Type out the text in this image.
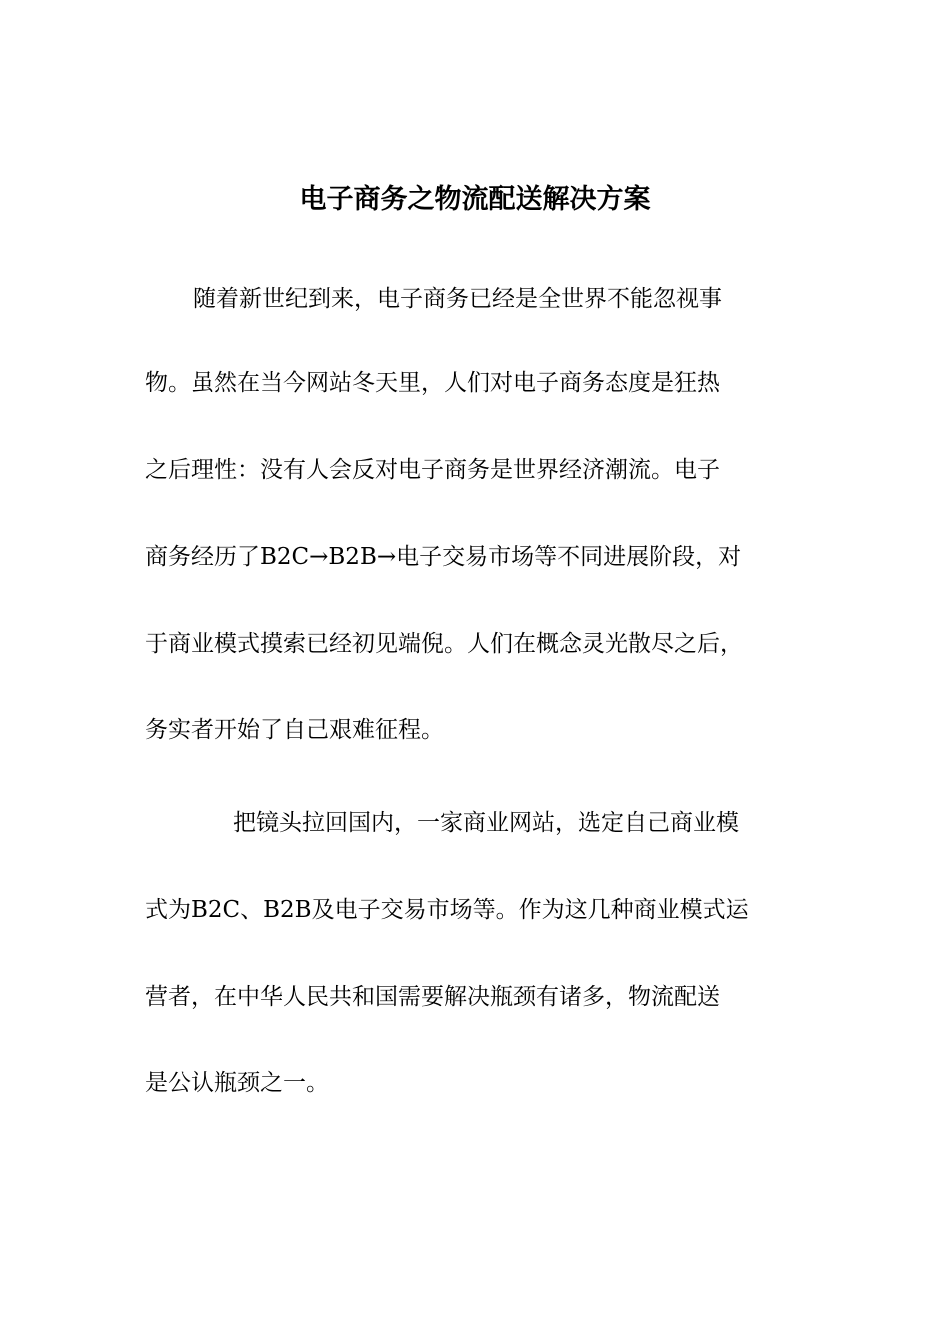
电子商务之物流配送解决方案
随着新世纪到来，电子商务已经是全世界不能忽视事
物。虽然在当今网站冬天里，人们对电子商务态度是狂热
之后理性：没有人会反对电子商务是世界经济潮流。电子
商务经历了B2C→B2B→电子交易市场等不同进展阶段，对
于商业模式摸索已经初见端倪。人们在概念灵光散尽之后，
务实者开始了自己艰难征程。
把镜头拉回国内，一家商业网站，选定自己商业模
式为B2C、B2B及电子交易市场等。作为这几种商业模式运
营者，在中华人民共和国需要解决瓶颈有诸多，物流配送
是公认瓶颈之一。
